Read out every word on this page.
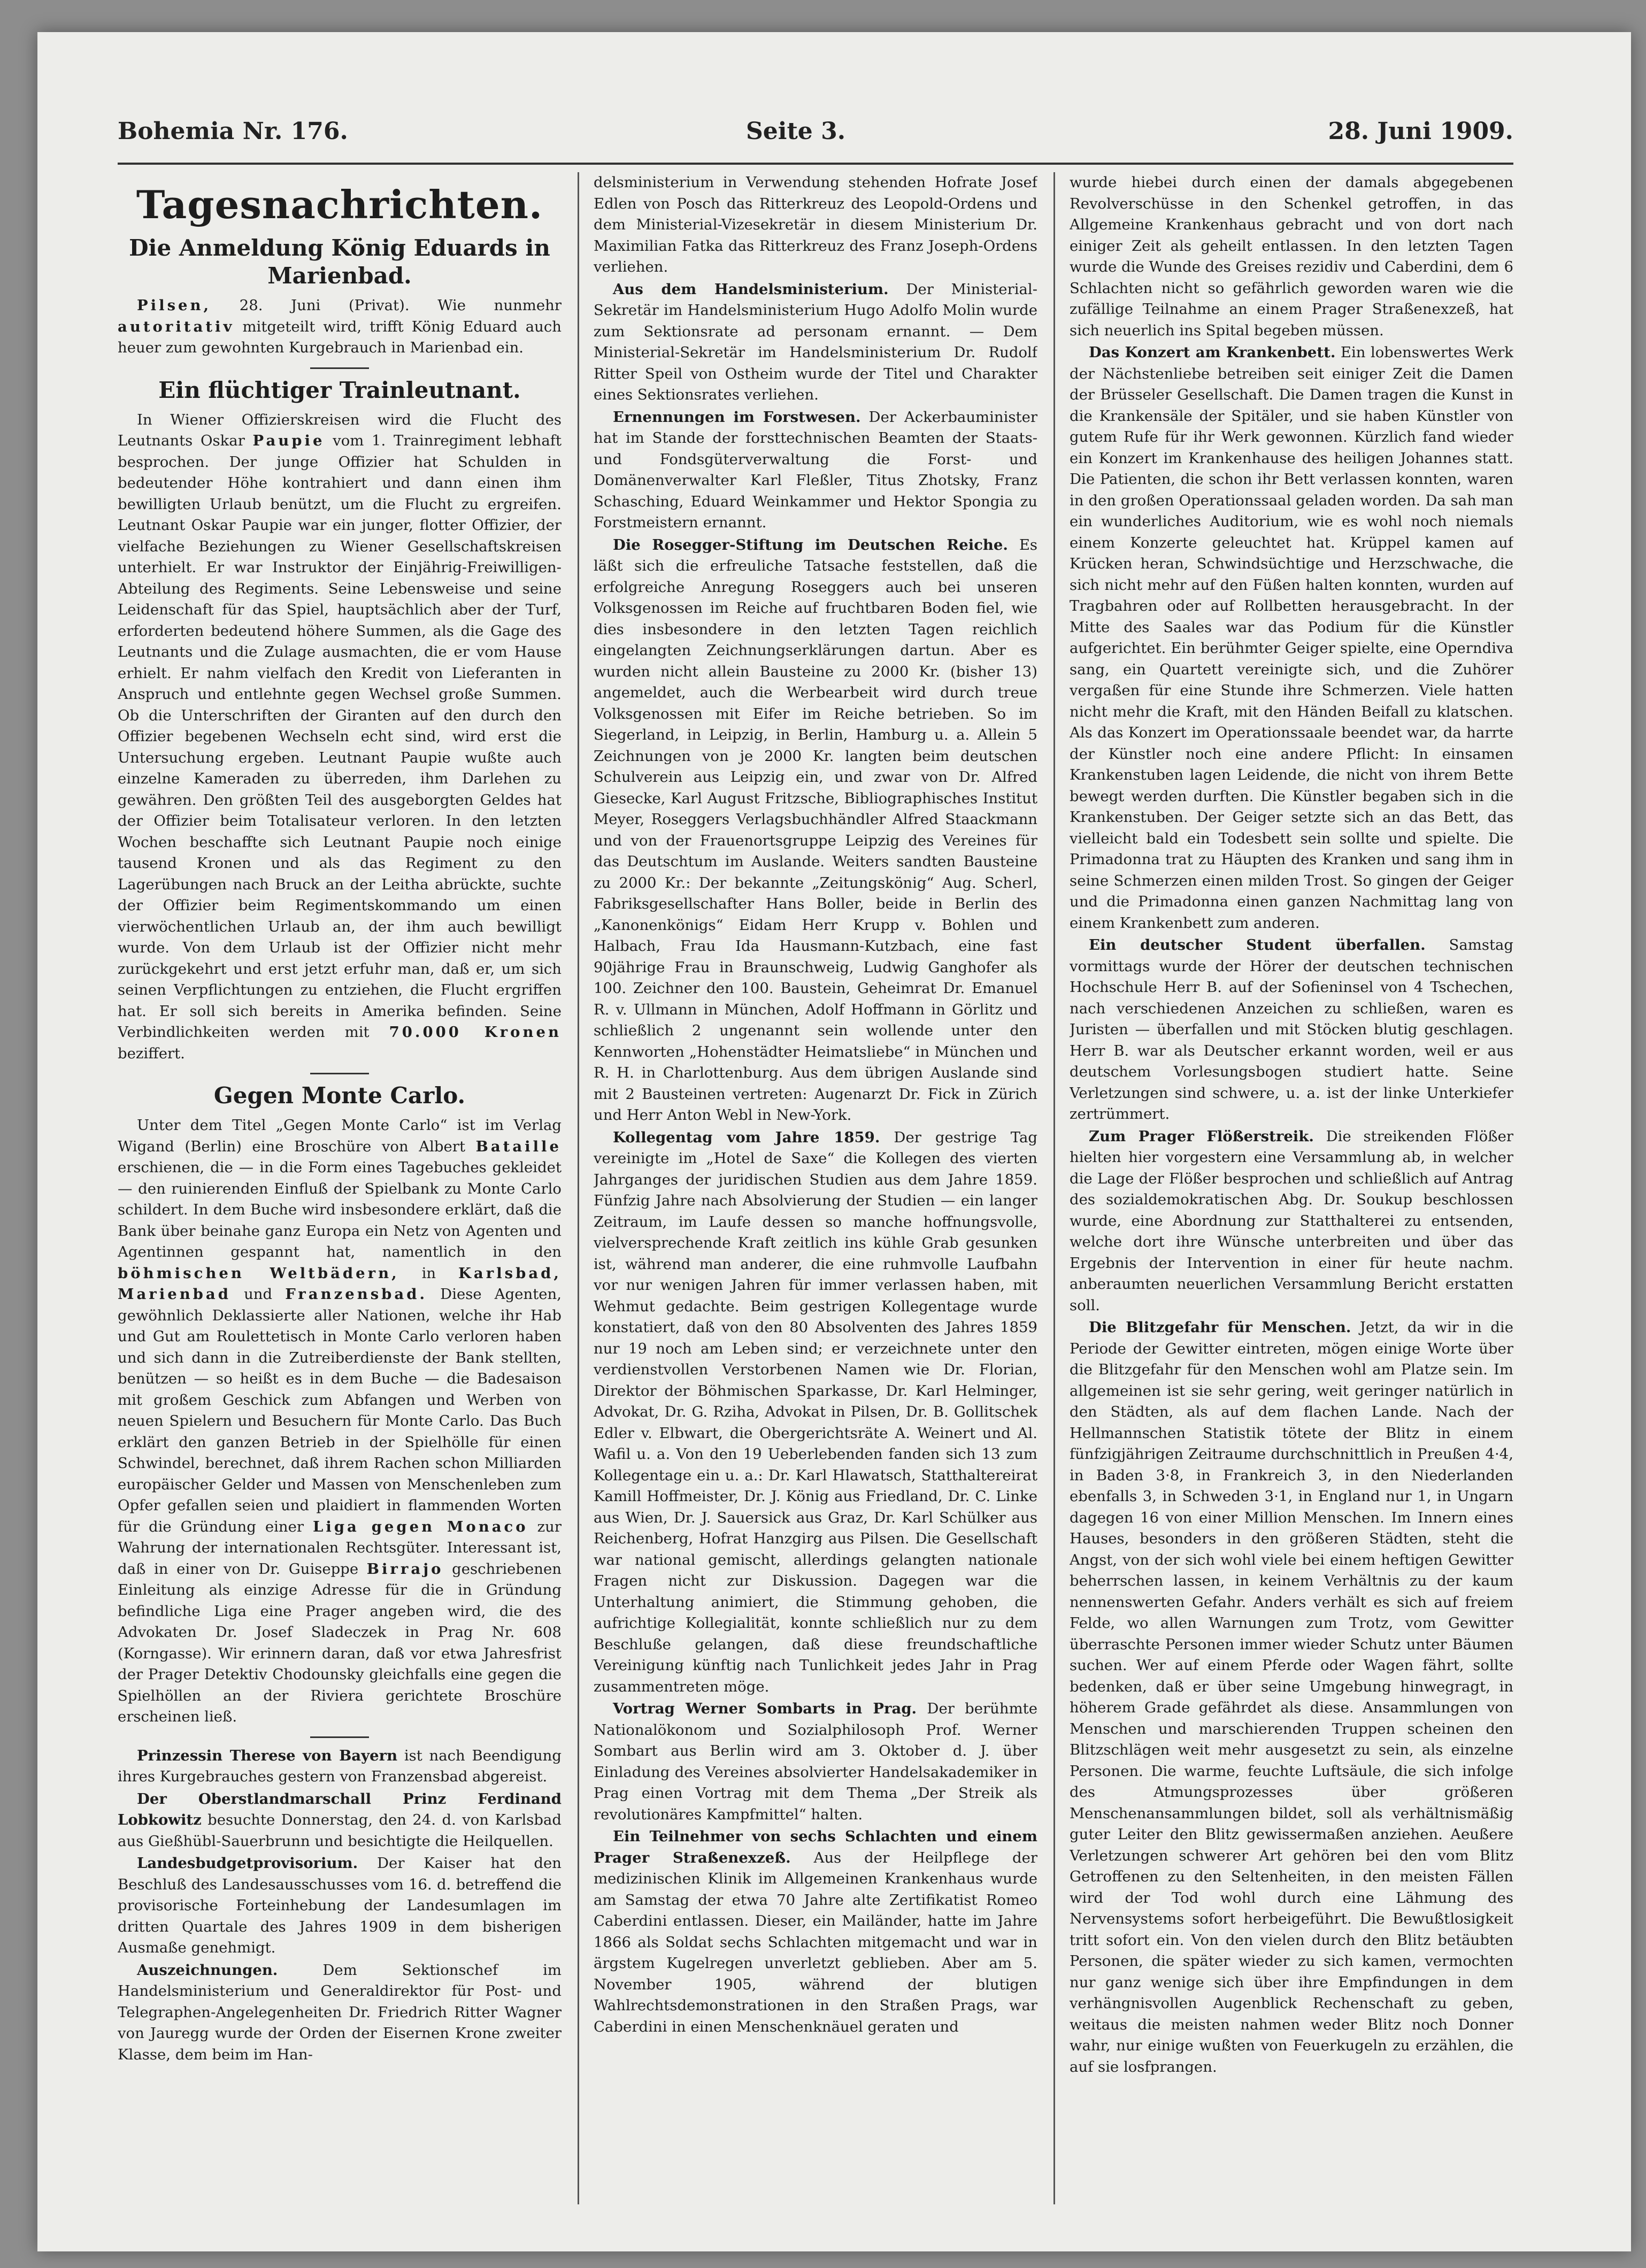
Bohemia Nr. 176.	Seite 3.	28. Juni 1909.
Tagesnachrichten.
Die Anmeldung König Eduards in Marienbad.

Pilsen, 28. Juni (Privat). Wie nunmehr autoritativ mitgeteilt wird, trifft König Eduard auch heuer zum gewohnten Kurgebrauch in Marienbad ein.

Ein flüchtiger Trainleutnant.

In Wiener Offizierskreisen wird die Flucht des Leutnants Oskar Paupie vom 1. Trainregiment lebhaft besprochen. Der junge Offizier hat Schulden in bedeutender Höhe kontrahiert und dann einen ihm bewilligten Urlaub benützt, um die Flucht zu ergreifen. Leutnant Oskar Paupie war ein junger, flotter Offizier, der vielfache Beziehungen zu Wiener Gesellschaftskreisen unterhielt. Er war Instruktor der Einjährig-Freiwilligen-Abteilung des Regiments. Seine Lebensweise und seine Leidenschaft für das Spiel, hauptsächlich aber der Turf, erforderten bedeutend höhere Summen, als die Gage des Leutnants und die Zulage ausmachten, die er vom Hause erhielt. Er nahm vielfach den Kredit von Lieferanten in Anspruch und entlehnte gegen Wechsel große Summen. Ob die Unterschriften der Giranten auf den durch den Offizier begebenen Wechseln echt sind, wird erst die Untersuchung ergeben. Leutnant Paupie wußte auch einzelne Kameraden zu überreden, ihm Darlehen zu gewähren. Den größten Teil des ausgeborgten Geldes hat der Offizier beim Totalisateur verloren. In den letzten Wochen beschaffte sich Leutnant Paupie noch einige tausend Kronen und als das Regiment zu den Lagerübungen nach Bruck an der Leitha abrückte, suchte der Offizier beim Regimentskommando um einen vierwöchentlichen Urlaub an, der ihm auch bewilligt wurde. Von dem Urlaub ist der Offizier nicht mehr zurückgekehrt und erst jetzt erfuhr man, daß er, um sich seinen Verpflichtungen zu entziehen, die Flucht ergriffen hat. Er soll sich bereits in Amerika befinden. Seine Verbindlichkeiten werden mit 70.000 Kronen beziffert.

Gegen Monte Carlo.

Unter dem Titel „Gegen Monte Carlo“ ist im Verlag Wigand (Berlin) eine Broschüre von Albert Bataille erschienen, die — in die Form eines Tagebuches gekleidet — den ruinierenden Einfluß der Spielbank zu Monte Carlo schildert. In dem Buche wird insbesondere erklärt, daß die Bank über beinahe ganz Europa ein Netz von Agenten und Agentinnen gespannt hat, namentlich in den böhmischen Weltbädern, in Karlsbad, Marienbad und Franzensbad. Diese Agenten, gewöhnlich Deklassierte aller Nationen, welche ihr Hab und Gut am Roulettetisch in Monte Carlo verloren haben und sich dann in die Zutreiberdienste der Bank stellten, benützen — so heißt es in dem Buche — die Badesaison mit großem Geschick zum Abfangen und Werben von neuen Spielern und Besuchern für Monte Carlo. Das Buch erklärt den ganzen Betrieb in der Spielhölle für einen Schwindel, berechnet, daß ihrem Rachen schon Milliarden europäischer Gelder und Massen von Menschenleben zum Opfer gefallen seien und plaidiert in flammenden Worten für die Gründung einer Liga gegen Monaco zur Wahrung der internationalen Rechtsgüter. Interessant ist, daß in einer von Dr. Guiseppe Birrajo geschriebenen Einleitung als einzige Adresse für die in Gründung befindliche Liga eine Prager angeben wird, die des Advokaten Dr. Josef Sladeczek in Prag Nr. 608 (Korngasse). Wir erinnern daran, daß vor etwa Jahresfrist der Prager Detektiv Chodounsky gleichfalls eine gegen die Spielhöllen an der Riviera gerichtete Broschüre erscheinen ließ.

Prinzessin Therese von Bayern ist nach Beendigung ihres Kurgebrauches gestern von Franzensbad abgereist.

Der Oberstlandmarschall Prinz Ferdinand Lobkowitz besuchte Donnerstag, den 24. d. von Karlsbad aus Gießhübl-Sauerbrunn und besichtigte die Heilquellen.

Landesbudgetprovisorium. Der Kaiser hat den Beschluß des Landesausschusses vom 16. d. betreffend die provisorische Forteinhebung der Landesumlagen im dritten Quartale des Jahres 1909 in dem bisherigen Ausmaße genehmigt.

Auszeichnungen.	Dem Sektionschef im Handelsministerium und Generaldirektor für Post- und Telegraphen-Angelegenheiten Dr. Friedrich Ritter Wagner von Jauregg wurde der Orden der Eisernen Krone zweiter Klasse, dem beim im Han-

delsministerium in Verwendung stehenden Hofrate Josef Edlen von Posch das Ritterkreuz des Leopold-Ordens und dem Ministerial-Vizesekretär in diesem Ministerium Dr. Maximilian Fatka das Ritterkreuz des Franz Joseph-Ordens verliehen.

Aus dem Handelsministerium. Der Ministerial-Sekretär im Handelsministerium Hugo Adolfo Molin wurde zum Sektionsrate ad personam ernannt. — Dem Ministerial-Sekretär im Handelsministerium Dr. Rudolf Ritter Speil von Ostheim wurde der Titel und Charakter eines Sektionsrates verliehen.

Ernennungen im Forstwesen. Der Ackerbauminister hat im Stande der forsttechnischen Beamten der Staats- und Fondsgüterverwaltung die Forst- und Domänenverwalter Karl Fleßler, Titus Zhotsky, Franz Schasching, Eduard Weinkammer und Hektor Spongia zu Forstmeistern ernannt.

Die Rosegger-Stiftung im Deutschen Reiche. Es läßt sich die erfreuliche Tatsache feststellen, daß die erfolgreiche Anregung Roseggers auch bei unseren Volksgenossen im Reiche auf fruchtbaren Boden fiel, wie dies insbesondere in den letzten Tagen reichlich eingelangten Zeichnungserklärungen dartun. Aber es wurden nicht allein Bausteine zu 2000 Kr. (bisher 13) angemeldet, auch die Werbearbeit wird durch treue Volksgenossen mit Eifer im Reiche betrieben. So im Siegerland, in Leipzig, in Berlin, Hamburg u. a. Allein 5 Zeichnungen von je 2000 Kr. langten beim deutschen Schulverein aus Leipzig ein, und zwar von Dr. Alfred Giesecke, Karl August Fritzsche, Bibliographisches Institut Meyer, Roseggers Verlagsbuchhändler Alfred Staackmann und von der Frauenortsgruppe Leipzig des Vereines für das Deutschtum im Auslande. Weiters sandten Bausteine zu 2000 Kr.: Der bekannte „Zeitungskönig“ Aug. Scherl, Fabriksgesellschafter Hans Boller, beide in Berlin des „Kanonenkönigs“ Eidam Herr Krupp v. Bohlen und Halbach, Frau Ida Hausmann-Kutzbach, eine fast 90jährige Frau in Braunschweig, Ludwig Ganghofer als 100. Zeichner den 100. Baustein, Geheimrat Dr. Emanuel R. v. Ullmann in München, Adolf Hoffmann in Görlitz und schließlich 2 ungenannt sein wollende unter den Kennworten „Hohenstädter Heimatsliebe“ in München und R. H. in Charlottenburg. Aus dem übrigen Auslande sind mit 2 Bausteinen vertreten: Augenarzt Dr. Fick in Zürich und Herr Anton Webl in New-York.

Kollegentag vom Jahre 1859. Der gestrige Tag vereinigte im „Hotel de Saxe“ die Kollegen des vierten Jahrganges der juridischen Studien aus dem Jahre 1859. Fünfzig Jahre nach Absolvierung der Studien — ein langer Zeitraum, im Laufe dessen so manche hoffnungsvolle, vielversprechende Kraft zeitlich ins kühle Grab gesunken ist, während man anderer, die eine ruhmvolle Laufbahn vor nur wenigen Jahren für immer verlassen haben, mit Wehmut gedachte. Beim gestrigen Kollegentage wurde konstatiert, daß von den 80 Absolventen des Jahres 1859 nur 19 noch am Leben sind; er verzeichnete unter den verdienstvollen Verstorbenen Namen wie Dr. Florian, Direktor der Böhmischen Sparkasse, Dr. Karl Helminger, Advokat, Dr. G. Rziha, Advokat in Pilsen, Dr. B. Gollitschek Edler v. Elbwart, die Obergerichtsräte A. Weinert und Al. Wafil u. a. Von den 19 Ueberlebenden fanden sich 13 zum Kollegentage ein u. a.: Dr. Karl Hlawatsch, Statthaltereirat Kamill Hoffmeister, Dr. J. König aus Friedland, Dr. C. Linke aus Wien, Dr. J. Sauersick aus Graz, Dr. Karl Schülker aus Reichenberg, Hofrat Hanzgirg aus Pilsen. Die Gesellschaft war national gemischt, allerdings gelangten nationale Fragen nicht zur Diskussion. Dagegen war die Unterhaltung animiert, die Stimmung gehoben, die aufrichtige Kollegialität, konnte schließlich nur zu dem Beschluße gelangen, daß diese freundschaftliche Vereinigung künftig nach Tunlichkeit jedes Jahr in Prag zusammentreten möge.

Vortrag Werner Sombarts in Prag. Der berühmte Nationalökonom und Sozialphilosoph Prof. Werner Sombart aus Berlin wird am 3. Oktober d. J. über Einladung des Vereines absolvierter Handelsakademiker in Prag einen Vortrag mit dem Thema „Der Streik als revolutionäres Kampfmittel“ halten.

Ein Teilnehmer von sechs Schlachten und einem Prager Straßenexzeß. Aus der Heilpflege der medizinischen Klinik im Allgemeinen Krankenhaus wurde am Samstag der etwa 70 Jahre alte Zertifikatist Romeo Caberdini entlassen. Dieser, ein Mailänder, hatte im Jahre 1866 als Soldat sechs Schlachten mitgemacht und war in ärgstem Kugelregen unverletzt geblieben. Aber am 5. November 1905, während der blutigen Wahlrechtsdemonstrationen in den Straßen Prags, war Caberdini in einen Menschenknäuel geraten und

wurde hiebei durch einen der damals abgegebenen Revolverschüsse in den Schenkel getroffen, in das Allgemeine Krankenhaus gebracht und von dort nach einiger Zeit als geheilt entlassen. In den letzten Tagen wurde die Wunde des Greises rezidiv und Caberdini, dem 6 Schlachten nicht so gefährlich geworden waren wie die zufällige Teilnahme an einem Prager Straßenexzeß, hat sich neuerlich ins Spital begeben müssen.

Das Konzert am Krankenbett. Ein lobenswertes Werk der Nächstenliebe betreiben seit einiger Zeit die Damen der Brüsseler Gesellschaft. Die Damen tragen die Kunst in die Krankensäle der Spitäler, und sie haben Künstler von gutem Rufe für ihr Werk gewonnen. Kürzlich fand wieder ein Konzert im Krankenhause des heiligen Johannes statt. Die Patienten, die schon ihr Bett verlassen konnten, waren in den großen Operationssaal geladen worden. Da sah man ein wunderliches Auditorium, wie es wohl noch niemals einem Konzerte geleuchtet hat. Krüppel kamen auf Krücken heran, Schwindsüchtige und Herzschwache, die sich nicht mehr auf den Füßen halten konnten, wurden auf Tragbahren oder auf Rollbetten herausgebracht. In der Mitte des Saales war das Podium für die Künstler aufgerichtet. Ein berühmter Geiger spielte, eine Operndiva sang, ein Quartett vereinigte sich, und die Zuhörer vergaßen für eine Stunde ihre Schmerzen. Viele hatten nicht mehr die Kraft, mit den Händen Beifall zu klatschen. Als das Konzert im Operationssaale beendet war, da harrte der Künstler noch eine andere Pflicht: In einsamen Krankenstuben lagen Leidende, die nicht von ihrem Bette bewegt werden durften. Die Künstler begaben sich in die Krankenstuben. Der Geiger setzte sich an das Bett, das vielleicht bald ein Todesbett sein sollte und spielte. Die Primadonna trat zu Häupten des Kranken und sang ihm in seine Schmerzen einen milden Trost. So gingen der Geiger und die Primadonna einen ganzen Nachmittag lang von einem Krankenbett zum anderen.

Ein deutscher Student überfallen. Samstag vormittags wurde der Hörer der deutschen technischen Hochschule Herr B. auf der Sofieninsel von 4 Tschechen, nach verschiedenen Anzeichen zu schließen, waren es Juristen — überfallen und mit Stöcken blutig geschlagen. Herr B. war als Deutscher erkannt worden, weil er aus deutschem Vorlesungsbogen studiert hatte. Seine Verletzungen sind schwere, u. a. ist der linke Unterkiefer zertrümmert.

Zum Prager Flößerstreik. Die streikenden Flößer hielten hier vorgestern eine Versammlung ab, in welcher die Lage der Flößer besprochen und schließlich auf Antrag des sozialdemokratischen Abg. Dr. Soukup beschlossen wurde, eine Abordnung zur Statthalterei zu entsenden, welche dort ihre Wünsche unterbreiten und über das Ergebnis der Intervention in einer für heute nachm. anberaumten neuerlichen Versammlung Bericht erstatten soll.

Die Blitzgefahr für Menschen. Jetzt, da wir in die Periode der Gewitter eintreten, mögen einige Worte über die Blitzgefahr für den Menschen wohl am Platze sein. Im allgemeinen ist sie sehr gering, weit geringer natürlich in den Städten, als auf dem flachen Lande. Nach der Hellmannschen Statistik tötete der Blitz in einem fünfzigjährigen Zeitraume durchschnittlich in Preußen 4·4, in Baden 3·8, in Frankreich 3, in den Niederlanden ebenfalls 3, in Schweden 3·1, in England nur 1, in Ungarn dagegen 16 von einer Million Menschen. Im Innern eines Hauses, besonders in den größeren Städten, steht die Angst, von der sich wohl viele bei einem heftigen Gewitter beherrschen lassen, in keinem Verhältnis zu der kaum nennenswerten Gefahr. Anders verhält es sich auf freiem Felde, wo allen Warnungen zum Trotz, vom Gewitter überraschte Personen immer wieder Schutz unter Bäumen suchen. Wer auf einem Pferde oder Wagen fährt, sollte bedenken, daß er über seine Umgebung hinwegragt, in höherem Grade gefährdet als diese. Ansammlungen von Menschen und marschierenden Truppen scheinen den Blitzschlägen weit mehr ausgesetzt zu sein, als einzelne Personen. Die warme, feuchte Luftsäule, die sich infolge des Atmungsprozesses über größeren Menschenansammlungen bildet, soll als verhältnismäßig guter Leiter den Blitz gewissermaßen anziehen. Aeußere Verletzungen schwerer Art gehören bei den vom Blitz Getroffenen zu den Seltenheiten, in den meisten Fällen wird der Tod wohl durch eine Lähmung des Nervensystems sofort herbeigeführt. Die Bewußtlosigkeit tritt sofort ein. Von den vielen durch den Blitz betäubten Personen, die später wieder zu sich kamen, vermochten nur ganz wenige sich über ihre Empfindungen in dem verhängnisvollen Augenblick Rechenschaft zu geben, weitaus die meisten nahmen weder Blitz noch Donner wahr, nur einige wußten von Feuerkugeln zu erzählen, die auf sie losfprangen.
